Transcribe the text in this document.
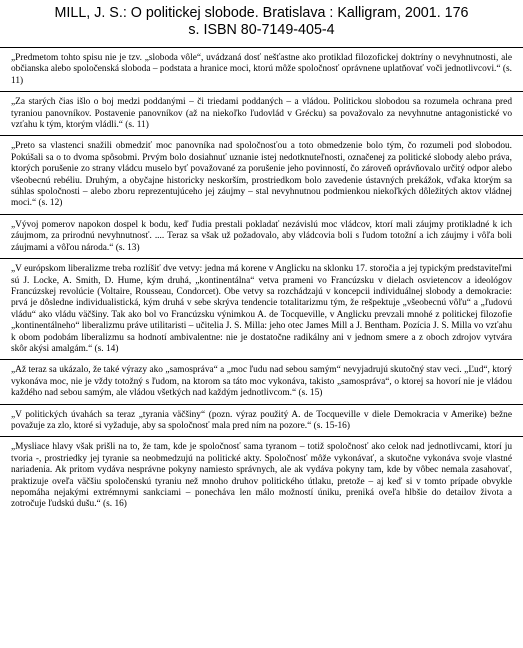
MILL, J. S.: O politickej slobode. Bratislava : Kalligram, 2001. 176
s. ISBN 80-7149-405-4
„Predmetom tohto spisu nie je tzv. „sloboda vôle“, uvádzaná dosť nešťastne ako protiklad filozofickej doktríny o nevyhnutnosti, ale občianska alebo spoločenská sloboda – podstata a hranice moci, ktorú môže spoločnosť oprávnene uplatňovať voči jednotlivcovi.“ (s. 11)
„Za starých čias išlo o boj medzi poddanými – či triedami poddaných – a vládou. Politickou slobodou sa rozumela ochrana pred tyraniou panovníkov. Postavenie panovníkov (až na niekoľko ľudovlád v Grécku) sa považovalo za nevyhnutne antagonistické vo vzťahu k tým, ktorým vládli.“ (s. 11)
„Preto sa vlastenci snažili obmedziť moc panovníka nad spoločnosťou a toto obmedzenie bolo tým, čo rozumeli pod slobodou. Pokúšali sa o to dvoma spôsobmi. Prvým bolo dosiahnuť uznanie istej nedotknuteľnosti, označenej za politické slobody alebo práva, ktorých porušenie zo strany vládcu muselo byť považované za porušenie jeho povinností, čo zároveň oprávňovalo určitý odpor alebo všeobecnú rebéliu. Druhým, a obyčajne historicky neskorším, prostriedkom bolo zavedenie ústavných prekážok, vďaka ktorým sa súhlas spoločnosti – alebo zboru reprezentujúceho jej záujmy – stal nevyhnutnou podmienkou niekoľkých dôležitých aktov vládnej moci.“ (s. 12)
„Vývoj pomerov napokon dospel k bodu, keď ľudia prestali pokladať nezávislú moc vládcov, ktorí mali záujmy protikladné k ich záujmom, za prirodnú nevyhnutnosť. .... Teraz sa však už požadovalo, aby vládcovia boli s ľudom totožní a ich záujmy i vôľa boli záujmami a vôľou národa.“ (s. 13)
„V európskom liberalizme treba rozlíšiť dve vetvy: jedna má korene v Anglicku na sklonku 17. storočia a jej typickým predstaviteľmi sú J. Locke, A. Smith, D. Hume, kým druhá, „kontinentálna“ vetva prameni vo Francúzsku v dielach osvietencov a ideológov Francúzskej revolúcie (Voltaire, Rousseau, Condorcet). Obe vetvy sa rozchádzajú v koncepcii individuálnej slobody a demokracie: prvá je dôsledne individualistická, kým druhá v sebe skrýva tendencie totalitarizmu tým, že rešpektuje „všeobecnú vôľu“ a „ľudovú vládu“ ako vládu väčšiny. Tak ako bol vo Francúzsku výnimkou A. de Tocqueville, v Anglicku prevzali mnohé z politickej filozofie „kontinentálneho“ liberalizmu práve utilitaristi – učitelia J. S. Milla: jeho otec James Mill a J. Bentham. Pozícia J. S. Milla vo vzťahu k obom podobám liberalizmu sa hodnotí ambivalentne: nie je dostatočne radikálny ani v jednom smere a z oboch zdrojov vytvára skôr akýsi amalgám.“ (s. 14)
„Až teraz sa ukázalo, že také výrazy ako „samospráva“ a „moc ľudu nad sebou samým“ nevyjadrujú skutočný stav veci. „Ľud“, ktorý vykonáva moc, nie je vždy totožný s ľudom, na ktorom sa táto moc vykonáva, takisto „samospráva“, o ktorej sa hovorí nie je vládou každého nad sebou samým, ale vládou všetkých nad každým jednotlivcom.“ (s. 15)
„V politických úvahách sa teraz „tyrania väčšiny“ (pozn. výraz použitý A. de Tocqueville v diele Demokracia v Amerike) bežne považuje za zlo, ktoré si vyžaduje, aby sa spoločnosť mala pred ním na pozore.“ (s. 15-16)
„Mysliace hlavy však prišli na to, že tam, kde je spoločnosť sama tyranom – totiž spoločnosť ako celok nad jednotlivcami, ktorí ju tvoria -, prostriedky jej tyranie sa neobmedzujú na politické akty. Spoločnosť môže vykonávať, a skutočne vykonáva svoje vlastné nariadenia. Ak pritom vydáva nesprávne pokyny namiesto správnych, ale ak vydáva pokyny tam, kde by vôbec nemala zasahovať, praktizuje oveľa väčšiu spoločenskú tyraniu než mnoho druhov politického útlaku, pretože – aj keď si v tomto prípade obvykle nepomáha nejakými extrémnymi sankciami – ponecháva len málo možností úniku, preniká oveľa hlbšie do detailov života a zotročuje ľudskú dušu.“ (s. 16)
